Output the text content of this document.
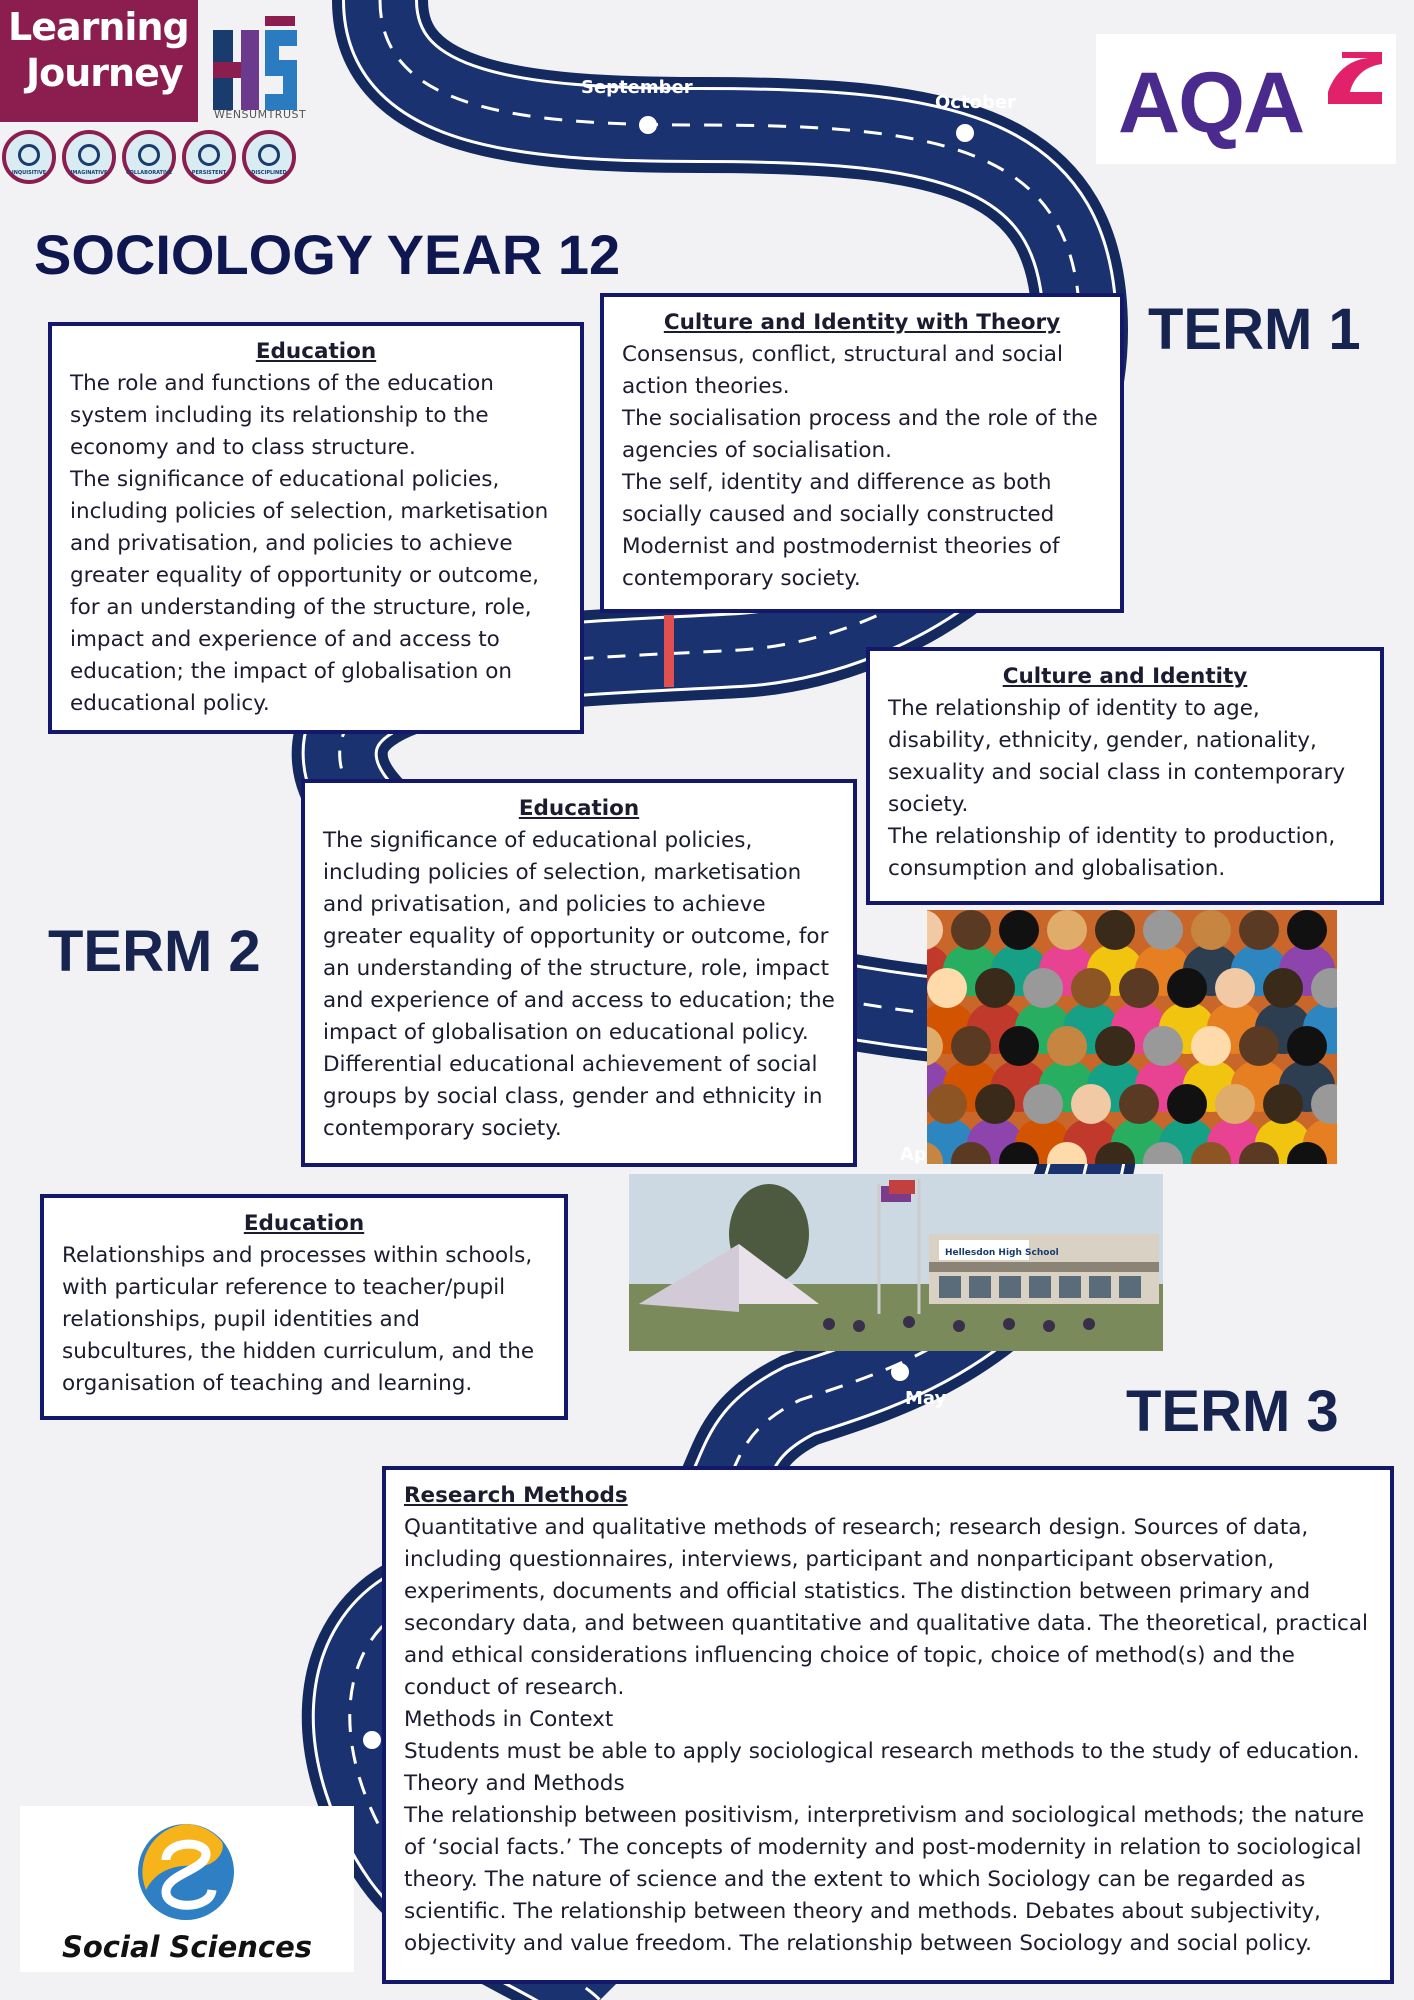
September
October
Ap
May
Learning
Journey
WENSUMTRUST
INQUISITIVE	IMAGINATIVE	COLLABORATIVE	PERSISTENT	DISCIPLINED
AQA
SOCIOLOGY YEAR 12
TERM 1
TERM 2
TERM 3
Education

The role and functions of the education

system including its relationship to the

economy and to class structure.

The significance of educational policies,

including policies of selection, marketisation

and privatisation, and policies to achieve

greater equality of opportunity or outcome,

for an understanding of the structure, role,

impact and experience of and access to

education; the impact of globalisation on

educational policy.

Culture and Identity with Theory

Consensus, conflict, structural and social

action theories.

The socialisation process and the role of the

agencies of socialisation.

The self, identity and difference as both

socially caused and socially constructed

Modernist and postmodernist theories of

contemporary society.

Culture and Identity

The relationship of identity to age,

disability, ethnicity, gender, nationality,

sexuality and social class in contemporary

society.

The relationship of identity to production,

consumption and globalisation.

Education

The significance of educational policies,

including policies of selection, marketisation

and privatisation, and policies to achieve

greater equality of opportunity or outcome, for

an understanding of the structure, role, impact

and experience of and access to education; the

impact of globalisation on educational policy.

Differential educational achievement of social

groups by social class, gender and ethnicity in

contemporary society.

Hellesdon High School
Education

Relationships and processes within schools,

with particular reference to teacher/pupil

relationships, pupil identities and

subcultures, the hidden curriculum, and the

organisation of teaching and learning.

Research Methods

Quantitative and qualitative methods of research; research design. Sources of data,

including questionnaires, interviews, participant and nonparticipant observation,

experiments, documents and official statistics. The distinction between primary and

secondary data, and between quantitative and qualitative data. The theoretical, practical

and ethical considerations influencing choice of topic, choice of method(s) and the

conduct of research.

Methods in Context

Students must be able to apply sociological research methods to the study of education.

Theory and Methods

The relationship between positivism, interpretivism and sociological methods; the nature

of ‘social facts.’ The concepts of modernity and post-modernity in relation to sociological

theory. The nature of science and the extent to which Sociology can be regarded as

scientific. The relationship between theory and methods. Debates about subjectivity,

objectivity and value freedom. The relationship between Sociology and social policy.

Social Sciences
